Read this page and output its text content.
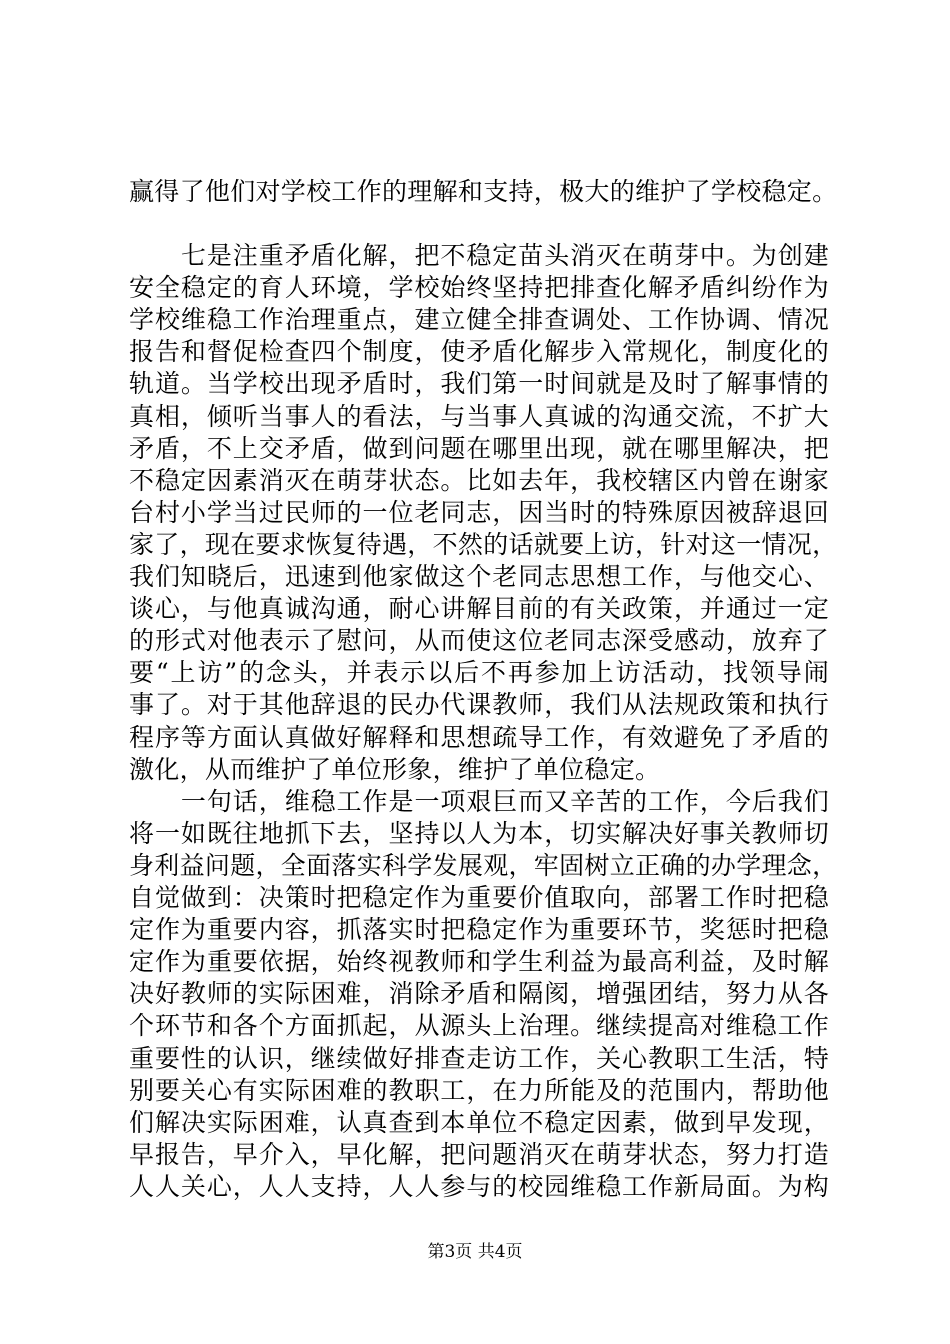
赢得了他们对学校工作的理解和支持，极大的维护了学校稳定。
　　七是注重矛盾化解，把不稳定苗头消灭在萌芽中。为创建
安全稳定的育人环境，学校始终坚持把排查化解矛盾纠纷作为
学校维稳工作治理重点，建立健全排查调处、工作协调、情况
报告和督促检查四个制度，使矛盾化解步入常规化，制度化的
轨道。当学校出现矛盾时，我们第一时间就是及时了解事情的
真相，倾听当事人的看法，与当事人真诚的沟通交流，不扩大
矛盾，不上交矛盾，做到问题在哪里出现，就在哪里解决，把
不稳定因素消灭在萌芽状态。比如去年，我校辖区内曾在谢家
台村小学当过民师的一位老同志，因当时的特殊原因被辞退回
家了，现在要求恢复待遇，不然的话就要上访，针对这一情况，
我们知晓后，迅速到他家做这个老同志思想工作，与他交心、
谈心，与他真诚沟通，耐心讲解目前的有关政策，并通过一定
的形式对他表示了慰问，从而使这位老同志深受感动，放弃了
要“上访”的念头，并表示以后不再参加上访活动，找领导闹
事了。对于其他辞退的民办代课教师，我们从法规政策和执行
程序等方面认真做好解释和思想疏导工作，有效避免了矛盾的
激化，从而维护了单位形象，维护了单位稳定。
　　一句话，维稳工作是一项艰巨而又辛苦的工作，今后我们
将一如既往地抓下去，坚持以人为本，切实解决好事关教师切
身利益问题，全面落实科学发展观，牢固树立正确的办学理念，
自觉做到：决策时把稳定作为重要价值取向，部署工作时把稳
定作为重要内容，抓落实时把稳定作为重要环节，奖惩时把稳
定作为重要依据，始终视教师和学生利益为最高利益，及时解
决好教师的实际困难，消除矛盾和隔阂，增强团结，努力从各
个环节和各个方面抓起，从源头上治理。继续提高对维稳工作
重要性的认识，继续做好排查走访工作，关心教职工生活，特
别要关心有实际困难的教职工，在力所能及的范围内，帮助他
们解决实际困难，认真查到本单位不稳定因素，做到早发现，
早报告，早介入，早化解，把问题消灭在萌芽状态，努力打造
人人关心，人人支持，人人参与的校园维稳工作新局面。为构
第3页 共4页
